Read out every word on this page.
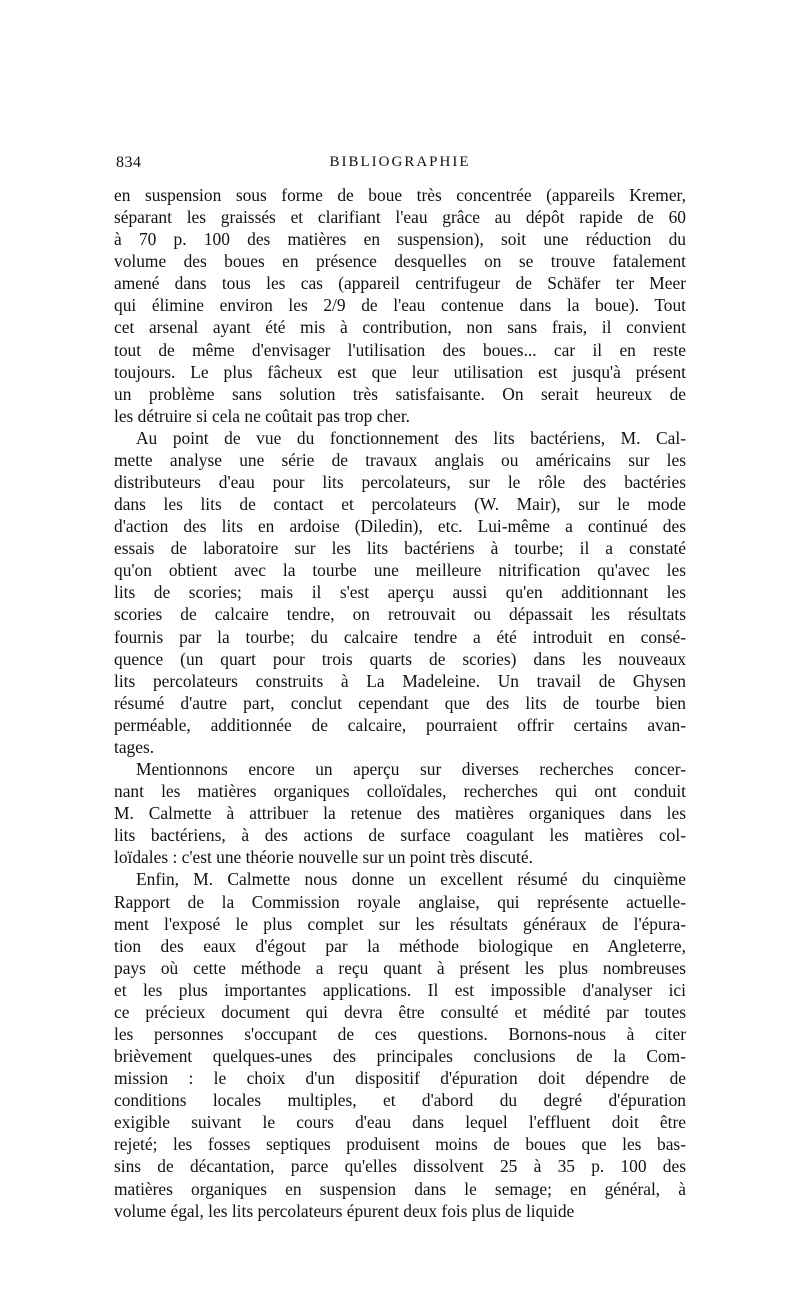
834	BIBLIOGRAPHIE
en suspension sous forme de boue très concentrée (appareils Kremer,
séparant les graissés et clarifiant l'eau grâce au dépôt rapide de 60
à 70 p. 100 des matières en suspension), soit une réduction du
volume des boues en présence desquelles on se trouve fatalement
amené dans tous les cas (appareil centrifugeur de Schäfer ter Meer
qui élimine environ les 2/9 de l'eau contenue dans la boue). Tout
cet arsenal ayant été mis à contribution, non sans frais, il convient
tout de même d'envisager l'utilisation des boues... car il en reste
toujours. Le plus fâcheux est que leur utilisation est jusqu'à présent
un problème sans solution très satisfaisante. On serait heureux de
les détruire si cela ne coûtait pas trop cher.
Au point de vue du fonctionnement des lits bactériens, M. Cal-
mette analyse une série de travaux anglais ou américains sur les
distributeurs d'eau pour lits percolateurs, sur le rôle des bactéries
dans les lits de contact et percolateurs (W. Mair), sur le mode
d'action des lits en ardoise (Diledin), etc. Lui-même a continué des
essais de laboratoire sur les lits bactériens à tourbe; il a constaté
qu'on obtient avec la tourbe une meilleure nitrification qu'avec les
lits de scories; mais il s'est aperçu aussi qu'en additionnant les
scories de calcaire tendre, on retrouvait ou dépassait les résultats
fournis par la tourbe; du calcaire tendre a été introduit en consé-
quence (un quart pour trois quarts de scories) dans les nouveaux
lits percolateurs construits à La Madeleine. Un travail de Ghysen
résumé d'autre part, conclut cependant que des lits de tourbe bien
perméable, additionnée de calcaire, pourraient offrir certains avan-
tages.
Mentionnons encore un aperçu sur diverses recherches concer-
nant les matières organiques colloïdales, recherches qui ont conduit
M. Calmette à attribuer la retenue des matières organiques dans les
lits bactériens, à des actions de surface coagulant les matières col-
loïdales : c'est une théorie nouvelle sur un point très discuté.
Enfin, M. Calmette nous donne un excellent résumé du cinquième
Rapport de la Commission royale anglaise, qui représente actuelle-
ment l'exposé le plus complet sur les résultats généraux de l'épura-
tion des eaux d'égout par la méthode biologique en Angleterre,
pays où cette méthode a reçu quant à présent les plus nombreuses
et les plus importantes applications. Il est impossible d'analyser ici
ce précieux document qui devra être consulté et médité par toutes
les personnes s'occupant de ces questions. Bornons-nous à citer
brièvement quelques-unes des principales conclusions de la Com-
mission : le choix d'un dispositif d'épuration doit dépendre de
conditions locales multiples, et d'abord du degré d'épuration
exigible suivant le cours d'eau dans lequel l'effluent doit être
rejeté; les fosses septiques produisent moins de boues que les bas-
sins de décantation, parce qu'elles dissolvent 25 à 35 p. 100 des
matières organiques en suspension dans le semage; en général, à
volume égal, les lits percolateurs épurent deux fois plus de liquide
